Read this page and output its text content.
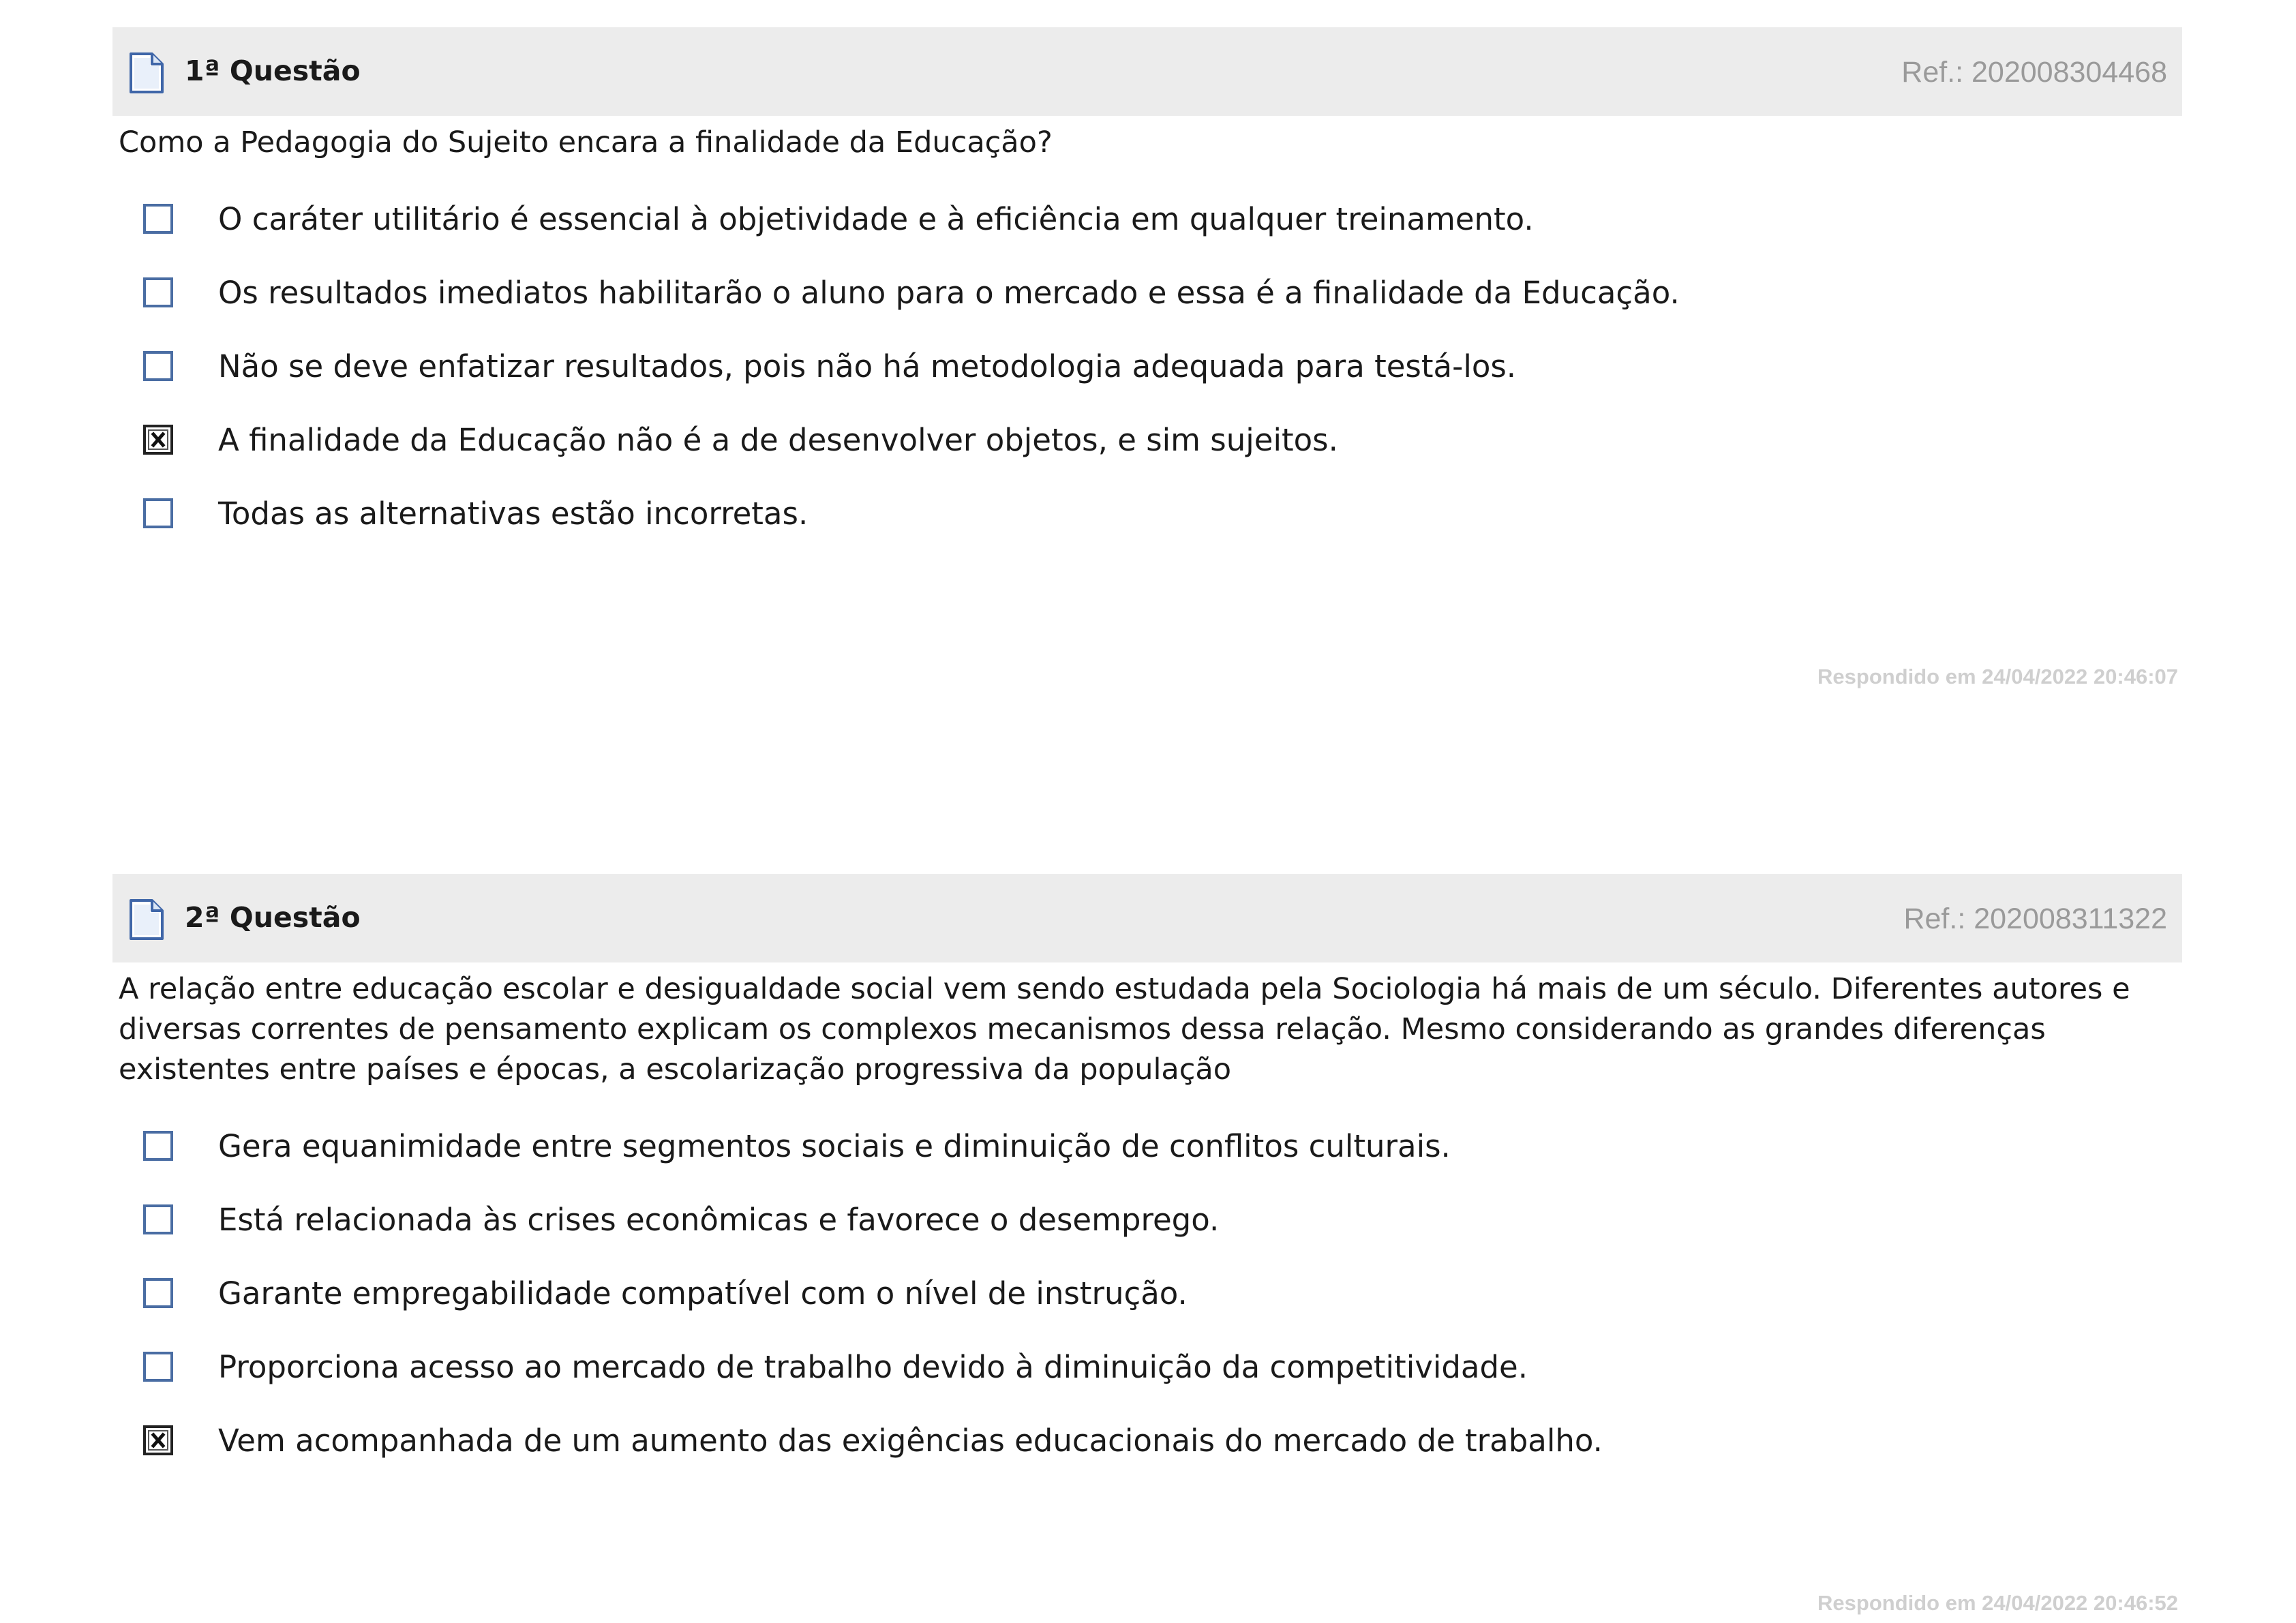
1ª Questão	Ref.: 202008304468
Como a Pedagogia do Sujeito encara a finalidade da Educação?
O caráter utilitário é essencial à objetividade e à eficiência em qualquer treinamento.
Os resultados imediatos habilitarão o aluno para o mercado e essa é a finalidade da Educação.
Não se deve enfatizar resultados, pois não há metodologia adequada para testá-los.
A finalidade da Educação não é a de desenvolver objetos, e sim sujeitos.
Todas as alternativas estão incorretas.
Respondido em 24/04/2022 20:46:07
2ª Questão	Ref.: 202008311322
A relação entre educação escolar e desigualdade social vem sendo estudada pela Sociologia há mais de um século. Diferentes autores e diversas correntes de pensamento explicam os complexos mecanismos dessa relação. Mesmo considerando as grandes diferenças existentes entre países e épocas, a escolarização progressiva da população
Gera equanimidade entre segmentos sociais e diminuição de conflitos culturais.
Está relacionada às crises econômicas e favorece o desemprego.
Garante empregabilidade compatível com o nível de instrução.
Proporciona acesso ao mercado de trabalho devido à diminuição da competitividade.
Vem acompanhada de um aumento das exigências educacionais do mercado de trabalho.
Respondido em 24/04/2022 20:46:52
